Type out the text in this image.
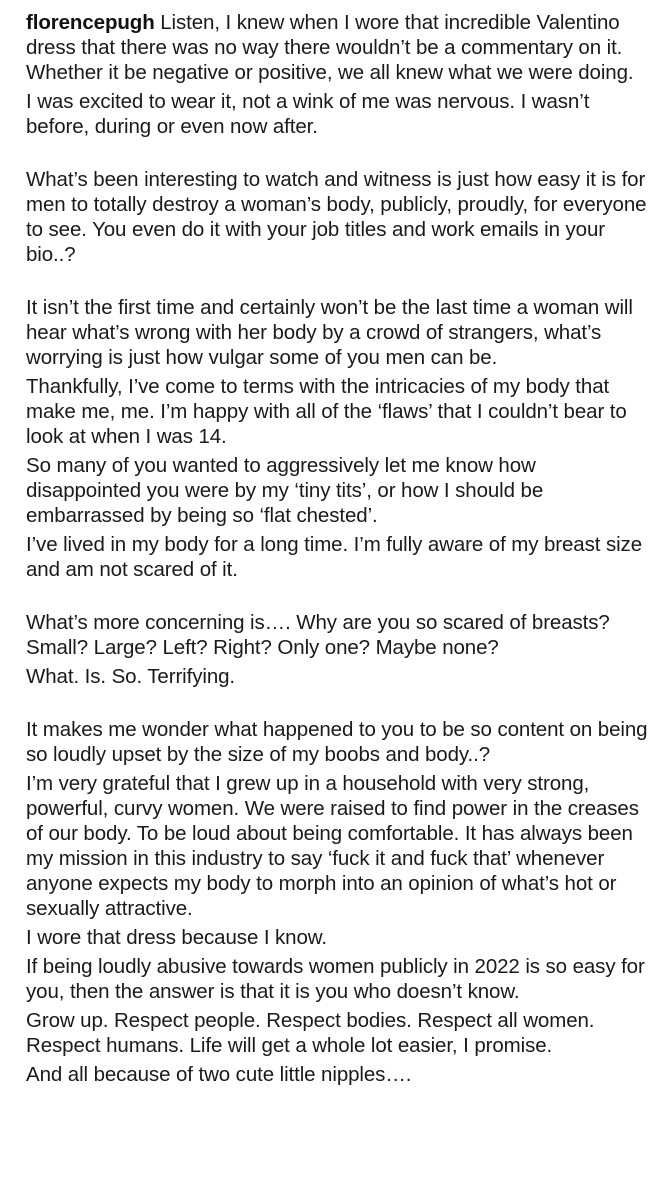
florencepugh Listen, I knew when I wore that incredible Valentino dress that there was no way there wouldn’t be a commentary on it. Whether it be negative or positive, we all knew what we were doing.

I was excited to wear it, not a wink of me was nervous. I wasn’t before, during or even now after.

What’s been interesting to watch and witness is just how easy it is for men to totally destroy a woman’s body, publicly, proudly, for everyone to see. You even do it with your job titles and work emails in your bio..?

It isn’t the first time and certainly won’t be the last time a woman will hear what’s wrong with her body by a crowd of strangers, what’s worrying is just how vulgar some of you men can be.

Thankfully, I’ve come to terms with the intricacies of my body that make me, me. I’m happy with all of the ‘flaws’ that I couldn’t bear to look at when I was 14.

So many of you wanted to aggressively let me know how disappointed you were by my ‘tiny tits’, or how I should be embarrassed by being so ‘flat chested’.

I’ve lived in my body for a long time. I’m fully aware of my breast size and am not scared of it.

What’s more concerning is…. Why are you so scared of breasts? Small? Large? Left? Right? Only one? Maybe none?

What. Is. So. Terrifying.

It makes me wonder what happened to you to be so content on being so loudly upset by the size of my boobs and body..?

I’m very grateful that I grew up in a household with very strong, powerful, curvy women. We were raised to find power in the creases of our body. To be loud about being comfortable. It has always been my mission in this industry to say ‘fuck it and fuck that’ whenever anyone expects my body to morph into an opinion of what’s hot or sexually attractive.

I wore that dress because I know.

If being loudly abusive towards women publicly in 2022 is so easy for you, then the answer is that it is you who doesn’t know.

Grow up. Respect people. Respect bodies. Respect all women. Respect humans. Life will get a whole lot easier, I promise.

And all because of two cute little nipples….
